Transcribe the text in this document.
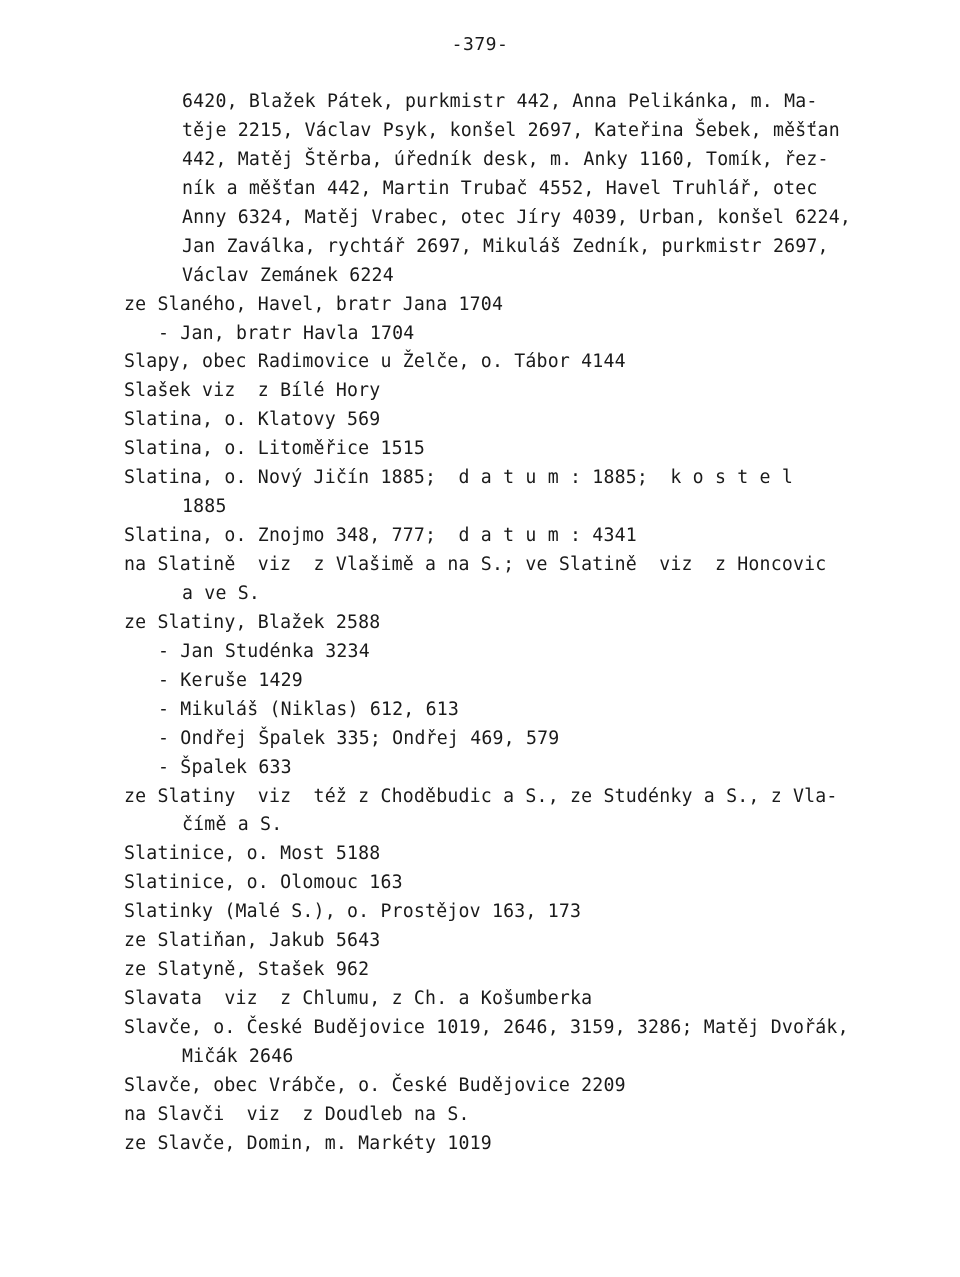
-379-
6420, Blažek Pátek, purkmistr 442, Anna Pelikánka, m. Ma-
těje 2215, Václav Psyk, konšel 2697, Kateřina Šebek, měšťan
442, Matěj Štěrba, úředník desk, m. Anky 1160, Tomík, řez-
ník a měšťan 442, Martin Trubač 4552, Havel Truhlář, otec
Anny 6324, Matěj Vrabec, otec Jíry 4039, Urban, konšel 6224,
Jan Zaválka, rychtář 2697, Mikuláš Zedník, purkmistr 2697,
Václav Zemánek 6224
ze Slaného, Havel, bratr Jana 1704
- Jan, bratr Havla 1704
Slapy, obec Radimovice u Želče, o. Tábor 4144
Slašek viz  z Bílé Hory
Slatina, o. Klatovy 569
Slatina, o. Litoměřice 1515
Slatina, o. Nový Jičín 1885;  d a t u m : 1885;  k o s t e l
1885
Slatina, o. Znojmo 348, 777;  d a t u m : 4341
na Slatině  viz  z Vlašimě a na S.; ve Slatině  viz  z Honcovic
a ve S.
ze Slatiny, Blažek 2588
- Jan Studénka 3234
- Keruše 1429
- Mikuláš (Niklas) 612, 613
- Ondřej Špalek 335; Ondřej 469, 579
- Špalek 633
ze Slatiny  viz  též z Choděbudic a S., ze Studénky a S., z Vla-
čímě a S.
Slatinice, o. Most 5188
Slatinice, o. Olomouc 163
Slatinky (Malé S.), o. Prostějov 163, 173
ze Slatiňan, Jakub 5643
ze Slatyně, Stašek 962
Slavata  viz  z Chlumu, z Ch. a Košumberka
Slavče, o. České Budějovice 1019, 2646, 3159, 3286; Matěj Dvořák,
Mičák 2646
Slavče, obec Vrábče, o. České Budějovice 2209
na Slavči  viz  z Doudleb na S.
ze Slavče, Domin, m. Markéty 1019
